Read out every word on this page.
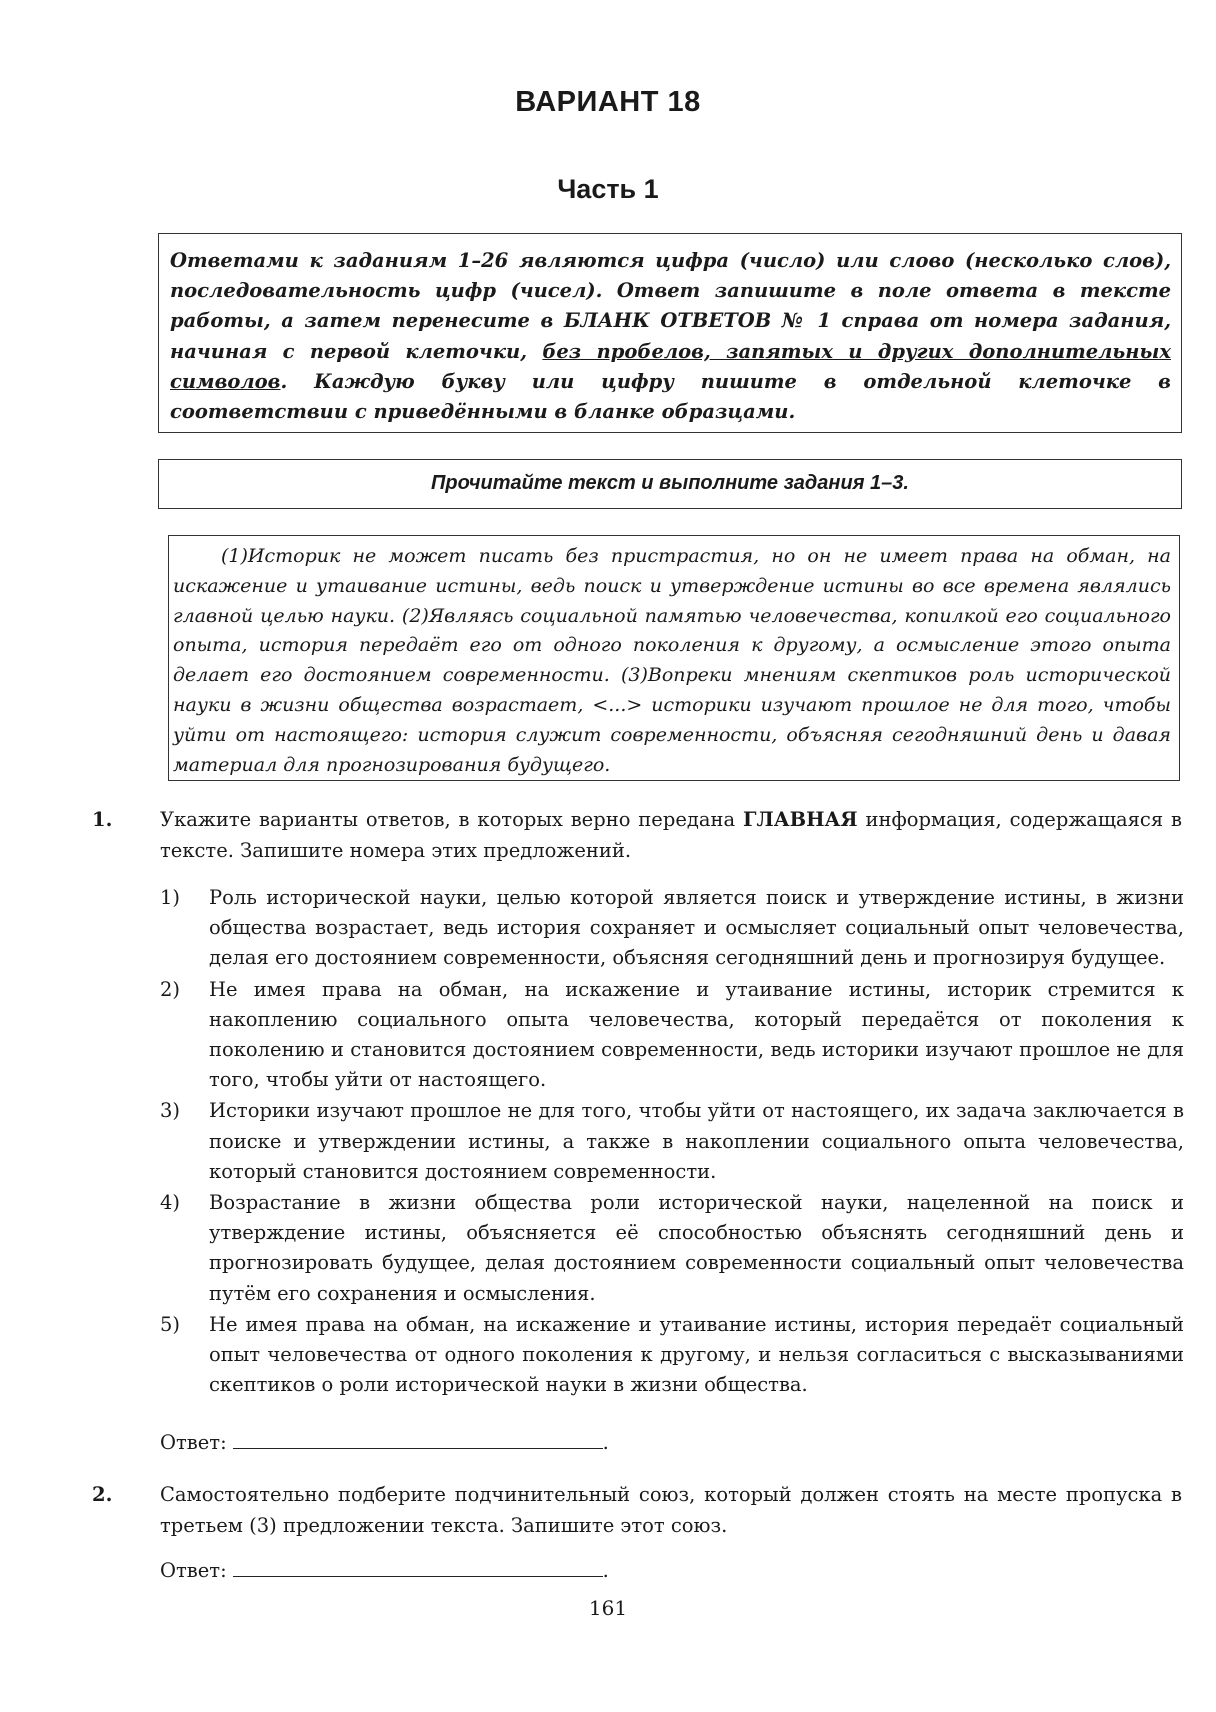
ВАРИАНТ 18
Часть 1
Ответами к заданиям 1–26 являются цифра (число) или слово (несколько слов), последовательность цифр (чисел). Ответ запишите в поле ответа в тексте работы, а затем перенесите в БЛАНК ОТВЕТОВ № 1 справа от номера задания, начиная с первой клеточки, без пробелов, запятых и других дополнительных символов. Каждую букву или цифру пишите в отдельной клеточке в соответствии с приведёнными в бланке образцами.
Прочитайте текст и выполните задания 1–3.
(1)Историк не может писать без пристрастия, но он не имеет права на обман, на искажение и утаивание истины, ведь поиск и утверждение истины во все времена являлись главной целью науки. (2)Являясь социальной памятью человечества, копилкой его социального опыта, история передаёт его от одного поколения к другому, а осмысление этого опыта делает его достоянием современности. (3)Вопреки мнениям скептиков роль исторической науки в жизни общества возрастает, <...> историки изучают прошлое не для того, чтобы уйти от настоящего: история служит современности, объясняя сегодняшний день и давая материал для прогнозирования будущего.
1. Укажите варианты ответов, в которых верно передана ГЛАВНАЯ информация, содержащаяся в тексте. Запишите номера этих предложений.
1) Роль исторической науки, целью которой является поиск и утверждение истины, в жизни общества возрастает, ведь история сохраняет и осмысляет социальный опыт человечества, делая его достоянием современности, объясняя сегодняшний день и прогнозируя будущее.
2) Не имея права на обман, на искажение и утаивание истины, историк стремится к накоплению социального опыта человечества, который передаётся от поколения к поколению и становится достоянием современности, ведь историки изучают прошлое не для того, чтобы уйти от настоящего.
3) Историки изучают прошлое не для того, чтобы уйти от настоящего, их задача заключается в поиске и утверждении истины, а также в накоплении социального опыта человечества, который становится достоянием современности.
4) Возрастание в жизни общества роли исторической науки, нацеленной на поиск и утверждение истины, объясняется её способностью объяснять сегодняшний день и прогнозировать будущее, делая достоянием современности социальный опыт человечества путём его сохранения и осмысления.
5) Не имея права на обман, на искажение и утаивание истины, история передаёт социальный опыт человечества от одного поколения к другому, и нельзя согласиться с высказываниями скептиков о роли исторической науки в жизни общества.
Ответ:	.
2. Самостоятельно подберите подчинительный союз, который должен стоять на месте пропуска в третьем (3) предложении текста. Запишите этот союз.
Ответ:	.
161
